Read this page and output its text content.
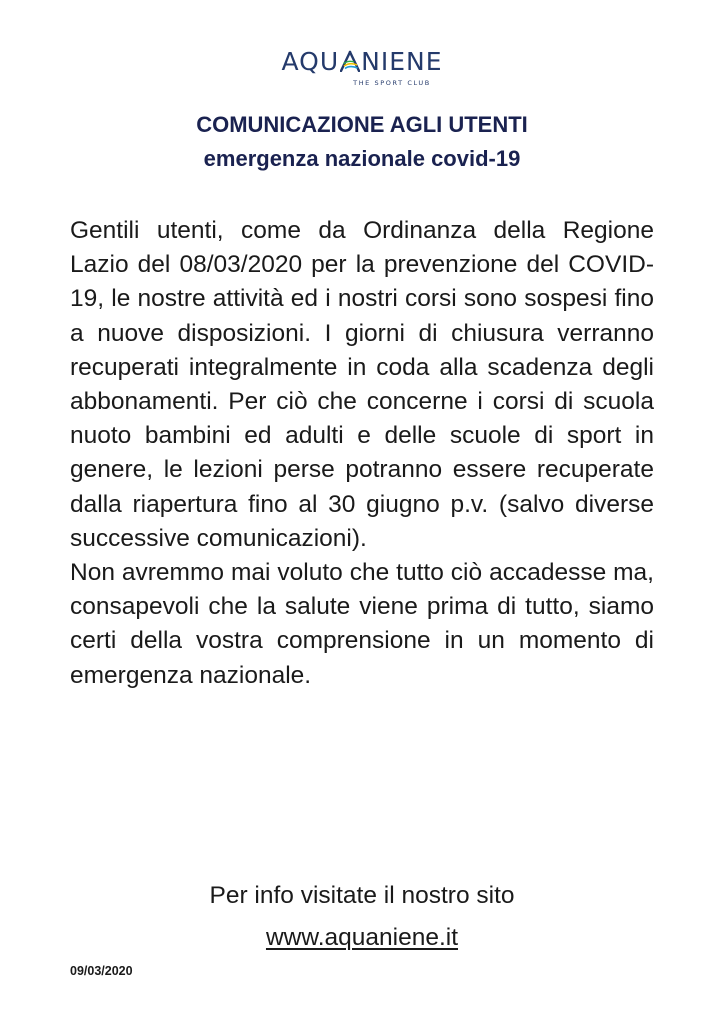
AQU NIENE
THE SPORT CLUB
COMUNICAZIONE AGLI UTENTI
emergenza nazionale covid-19

Gentili utenti, come da Ordinanza della Regione Lazio del 08/03/2020 per la prevenzione del COVID-19, le nostre attività ed i nostri corsi sono sospesi fino a nuove disposizioni. I giorni di chiusura verranno recuperati integralmente in coda alla scadenza degli abbonamenti. Per ciò che concerne i corsi di scuola nuoto bambini ed adulti e delle scuole di sport in genere, le lezioni perse potranno essere recuperate dalla riapertura fino al 30 giugno p.v. (salvo diverse successive comunicazioni).

Non avremmo mai voluto che tutto ciò accadesse ma, consapevoli che la salute viene prima di tutto, siamo certi della vostra comprensione in un momento di emergenza nazionale.

Per info visitate il nostro sito
www.aquaniene.it
09/03/2020
